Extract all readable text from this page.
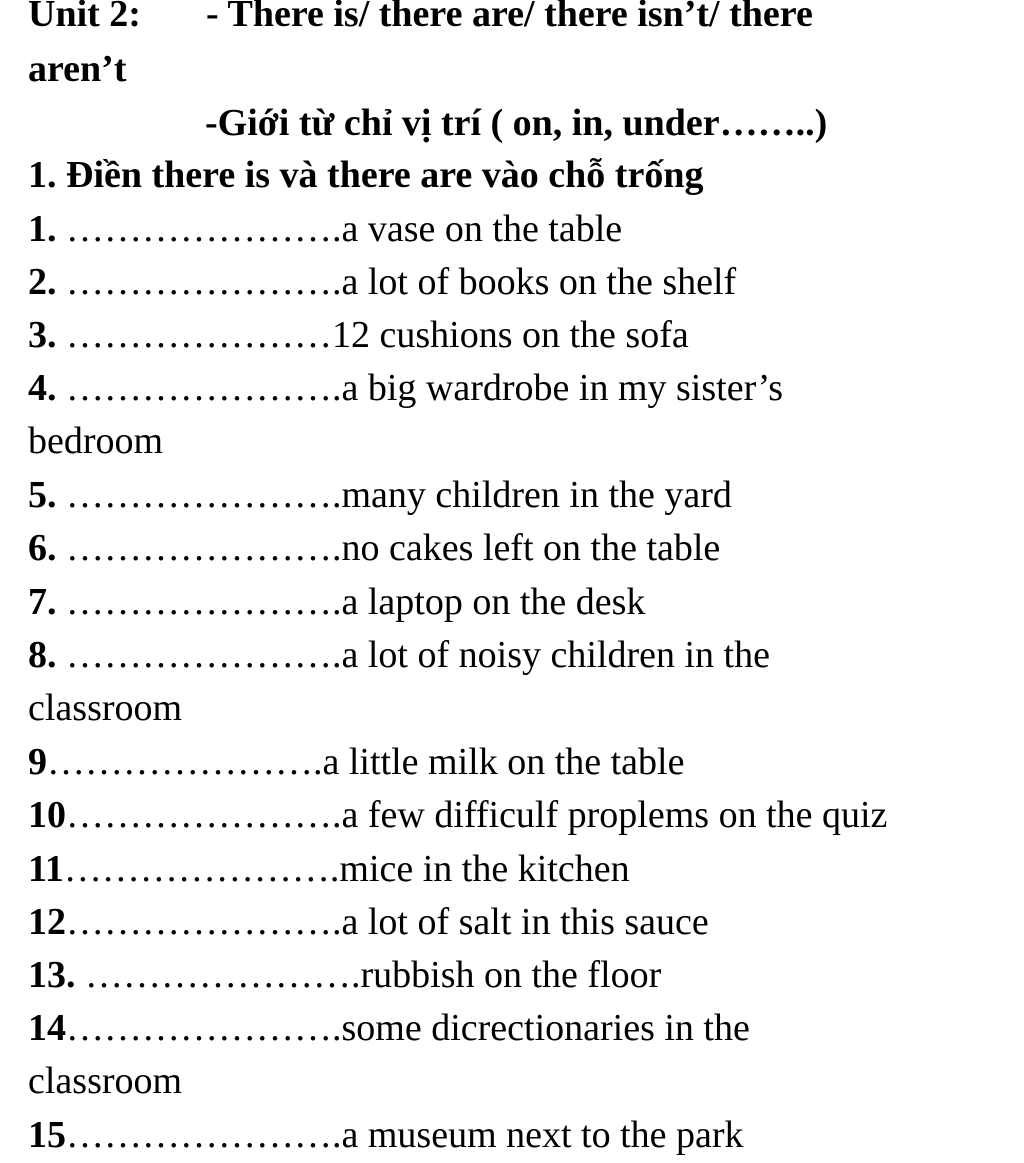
Unit 2: - There is/ there are/ there isn’t/ there
aren’t
-Giới từ chỉ vị trí ( on, in, under……..)
1. Điền there is và there are vào chỗ trống
1. ………………….a vase on the table
2. ………………….a lot of books on the shelf
3. …………………12 cushions on the sofa
4. ………………….a big wardrobe in my sister’s
bedroom
5. ………………….many children in the yard
6. ………………….no cakes left on the table
7. ………………….a laptop on the desk
8. ………………….a lot of noisy children in the
classroom
9………………….a little milk on the table
10………………….a few difficulf proplems on the quiz
11………………….mice in the kitchen
12………………….a lot of salt in this sauce
13. ………………….rubbish on the floor
14………………….some dicrectionaries in the
classroom
15………………….a museum next to the park
